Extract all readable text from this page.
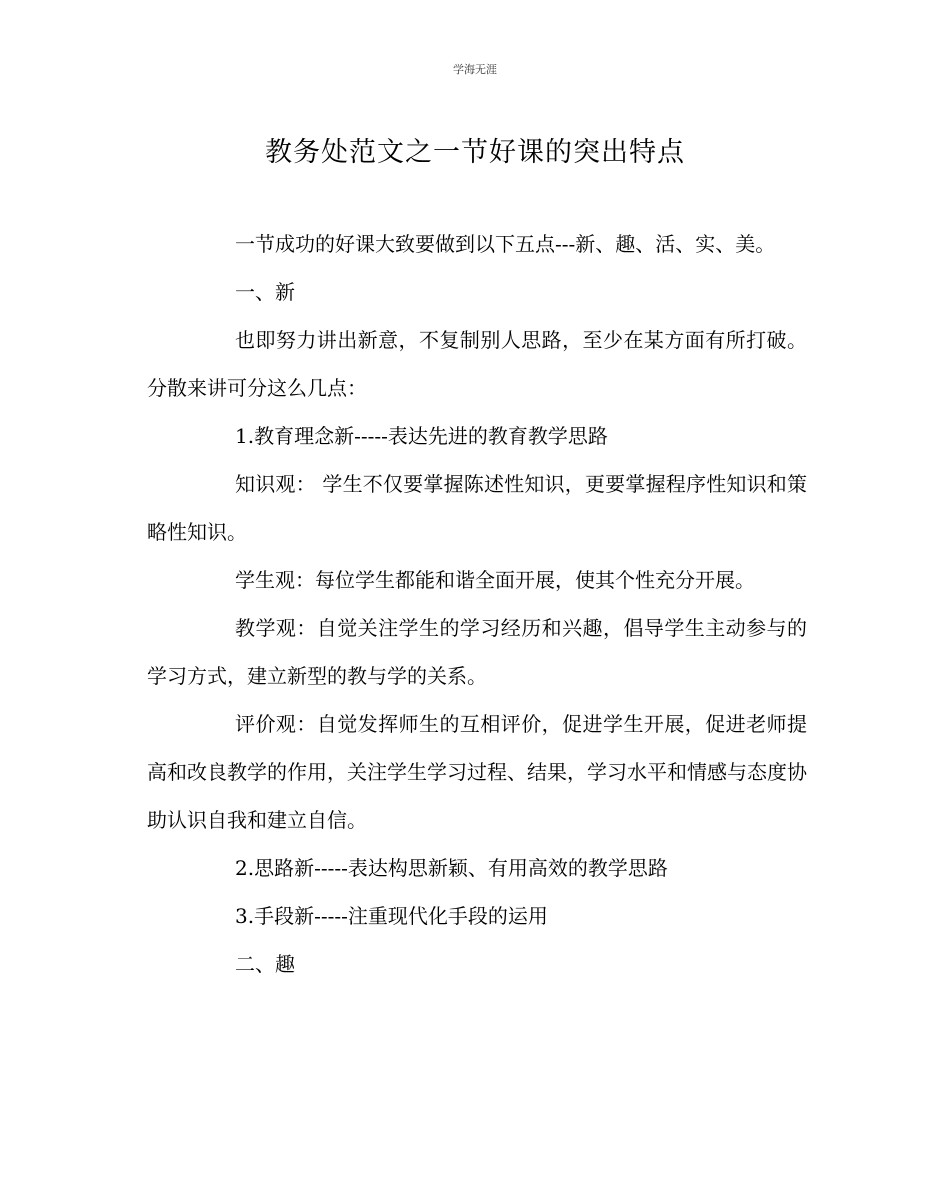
学海无涯
教务处范文之一节好课的突出特点

一节成功的好课大致要做到以下五点---新、趣、活、实、美。

一、新

也即努力讲出新意，不复制别人思路，至少在某方面有所打破。分散来讲可分这么几点：

1.教育理念新-----表达先进的教育教学思路

知识观： 学生不仅要掌握陈述性知识，更要掌握程序性知识和策略性知识。

学生观：每位学生都能和谐全面开展，使其个性充分开展。

教学观：自觉关注学生的学习经历和兴趣，倡导学生主动参与的学习方式，建立新型的教与学的关系。

评价观：自觉发挥师生的互相评价，促进学生开展，促进老师提高和改良教学的作用，关注学生学习过程、结果，学习水平和情感与态度协助认识自我和建立自信。

2.思路新-----表达构思新颖、有用高效的教学思路

3.手段新-----注重现代化手段的运用

二、趣
